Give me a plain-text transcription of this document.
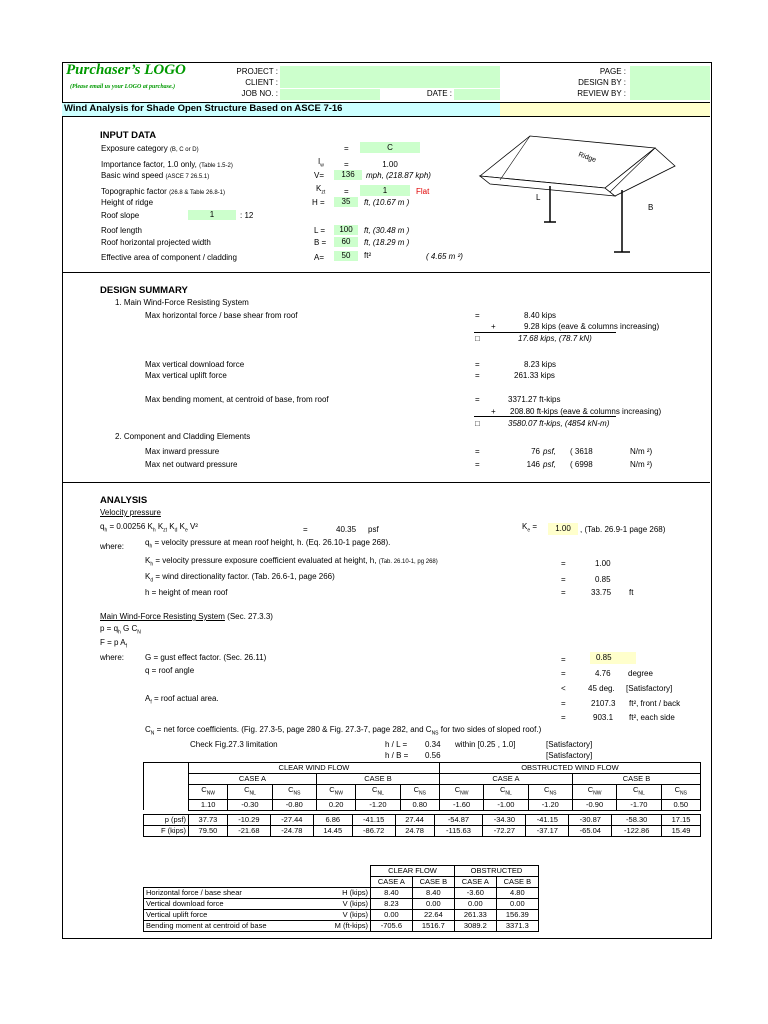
Purchaser’s LOGO
(Please email us your LOGO at purchase.)
PROJECT :
CLIENT :
JOB NO. :	DATE :
PAGE :
DESIGN BY :
REVIEW BY :
Wind Analysis for Shade Open Structure Based on ASCE 7-16
INPUT DATA
Exposure category (B, C or D)	=	C
Importance factor, 1.0 only, (Table 1.5-2)	$I_w$	=	1.00
Basic wind speed (ASCE 7 26.5.1)	V=	136	mph, (218.87 kph)
Topographic factor (26.8 & Table 26.8-1)	$K_{zt}$ =	1	Flat
Height of ridge	H =	35	ft, (10.67 m )
Roof slope	1	: 12
Roof length	L =	100	ft, (30.48 m )
Roof horizontal projected width	B =	60	ft, (18.29 m )
Effective area of component / cladding	A=	50	ft²	( 4.65 m ²)
Ridge
L
B
DESIGN SUMMARY
1. Main Wind-Force Resisting System
Max horizontal force / base shear from roof	=	8.40 kips
+	9.28 kips (eave & columns increasing)
□	17.68 kips, (78.7 kN)
Max vertical download force	=	8.23 kips
Max vertical uplift force	=	261.33 kips
Max bending moment, at centroid of base, from roof	=	3371.27 ft-kips
+ 208.80 ft-kips (eave & columns increasing)
□	3580.07 ft-kips, (4854 kN-m)
2. Component and Cladding Elements
Max inward pressure	=	76 psf, ( 3618	N/m ²)
Max net outward pressure	=	146 psf, ( 6998	N/m ²)
ANALYSIS
Velocity pressure
$q_h = 0.00256$ $K_h$ $K_{zt}$ $K_d$ $K_e$ V²	=	40.35 psf	$K_e$ =	1.00	, (Tab. 26.9-1 page 268)
where:	$q_h$ = velocity pressure at mean roof height, h. (Eq. 26.10-1 page 268).
$K_h$ = velocity pressure exposure coefficient evaluated at height, h, (Tab. 26.10-1, pg 268)	=	1.00
$K_d$ = wind directionality factor. (Tab. 26.6-1, page 266)	=	0.85
h = height of mean roof	=	33.75 ft
Main Wind-Force Resisting System (Sec. 27.3.3)
$p = q_h$ G $C_N$
F = p $A_f$
where:	G = gust effect factor. (Sec. 26.11)	=	0.85
q = roof angle	=	4.76 degree
<	45 deg. [Satisfactory]
$A_f$ = roof actual area.
=	2107.3 ft², front / back
=	903.1 ft², each side
$C_N$ = net force coefficients. (Fig. 27.3-5, page 280 & Fig. 27.3-7, page 282, and $C_{NS}$ for two sides of sloped roof.)
Check Fig.27.3 limitation	h / L = 0.34 within [0.25 , 1.0]	[Satisfactory]
h / B = 0.56	[Satisfactory]
	CLEAR WIND FLOW						OBSTRUCTED WIND FLOW					
	CASE A			CASE B			CASE A			CASE B		
	$C_{NW}$	$C_{NL}$	$C_{NS}$	$C_{NW}$	$C_{NL}$	$C_{NS}$	$C_{NW}$	$C_{NL}$	$C_{NS}$	$C_{NW}$	$C_{NL}$	$C_{NS}$
	1.10	-0.30	-0.80	0.20	-1.20	0.80	-1.60	-1.00	-1.20	-0.90	-1.70	0.50
p (psf)	37.73	-10.29	-27.44	6.86	-41.15	27.44	-54.87	-34.30	-41.15	-30.87	-58.30	17.15
F (kips)	79.50	-21.68	-24.78	14.45	-86.72	24.78	-115.63	-72.27	-37.17	-65.04	-122.86	15.49
		CLEAR FLOW		OBSTRUCTED	
		CASE A	CASE B	CASE A	CASE B
Horizontal force / base shear	H (kips)	8.40	8.40	-3.60	4.80
Vertical download force	V (kips)	8.23	0.00	0.00	0.00
Vertical uplift force	V (kips)	0.00	22.64	261.33	156.39
Bending moment at centroid of base	M (ft-kips)	-705.6	1516.7	3089.2	3371.3
